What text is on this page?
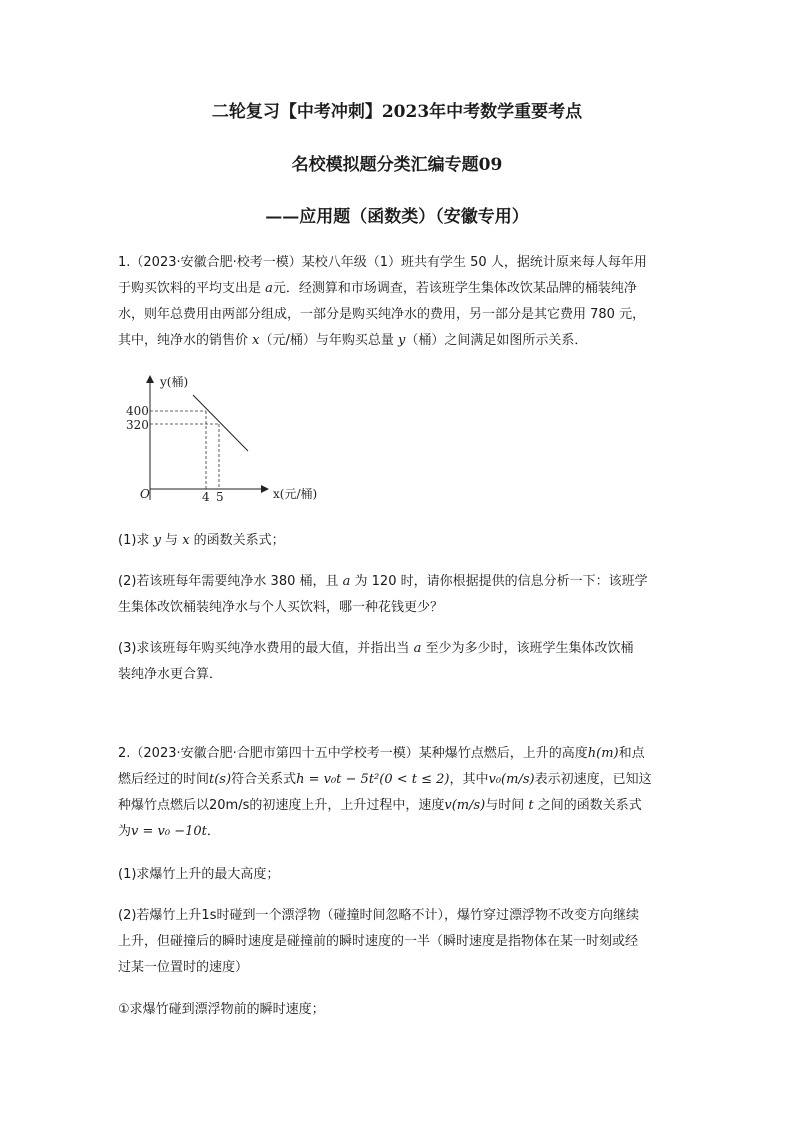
二轮复习【中考冲刺】2023年中考数学重要考点
名校模拟题分类汇编专题09
——应用题（函数类）（安徽专用）
1.（2023·安徽合肥·校考一模）某校八年级（1）班共有学生 50 人，据统计原来每人每年用
于购买饮料的平均支出是 a元．经测算和市场调查，若该班学生集体改饮某品牌的桶装纯净
水，则年总费用由两部分组成，一部分是购买纯净水的费用，另一部分是其它费用 780 元，
其中，纯净水的销售价 x（元/桶）与年购买总量 y（桶）之间满足如图所示关系．
y(桶)
x(元/桶)
O
400
320
4 5
(1)求 y 与 x 的函数关系式；
(2)若该班每年需要纯净水 380 桶，且 a 为 120 时，请你根据提供的信息分析一下：该班学
生集体改饮桶装纯净水与个人买饮料，哪一种花钱更少？
(3)求该班每年购买纯净水费用的最大值，并指出当 a 至少为多少时，该班学生集体改饮桶
装纯净水更合算．
2.（2023·安徽合肥·合肥市第四十五中学校考一模）某种爆竹点燃后，上升的高度h(m)和点
燃后经过的时间t(s)符合关系式h = v₀t − 5t²(0 < t ≤ 2)，其中v₀(m/s)表示初速度，已知这
种爆竹点燃后以20m/s的初速度上升，上升过程中，速度v(m/s)与时间 t 之间的函数关系式
为v = v₀ −10t．
(1)求爆竹上升的最大高度；
(2)若爆竹上升1s时碰到一个漂浮物（碰撞时间忽略不计），爆竹穿过漂浮物不改变方向继续
上升，但碰撞后的瞬时速度是碰撞前的瞬时速度的一半（瞬时速度是指物体在某一时刻或经
过某一位置时的速度）
①求爆竹碰到漂浮物前的瞬时速度；
